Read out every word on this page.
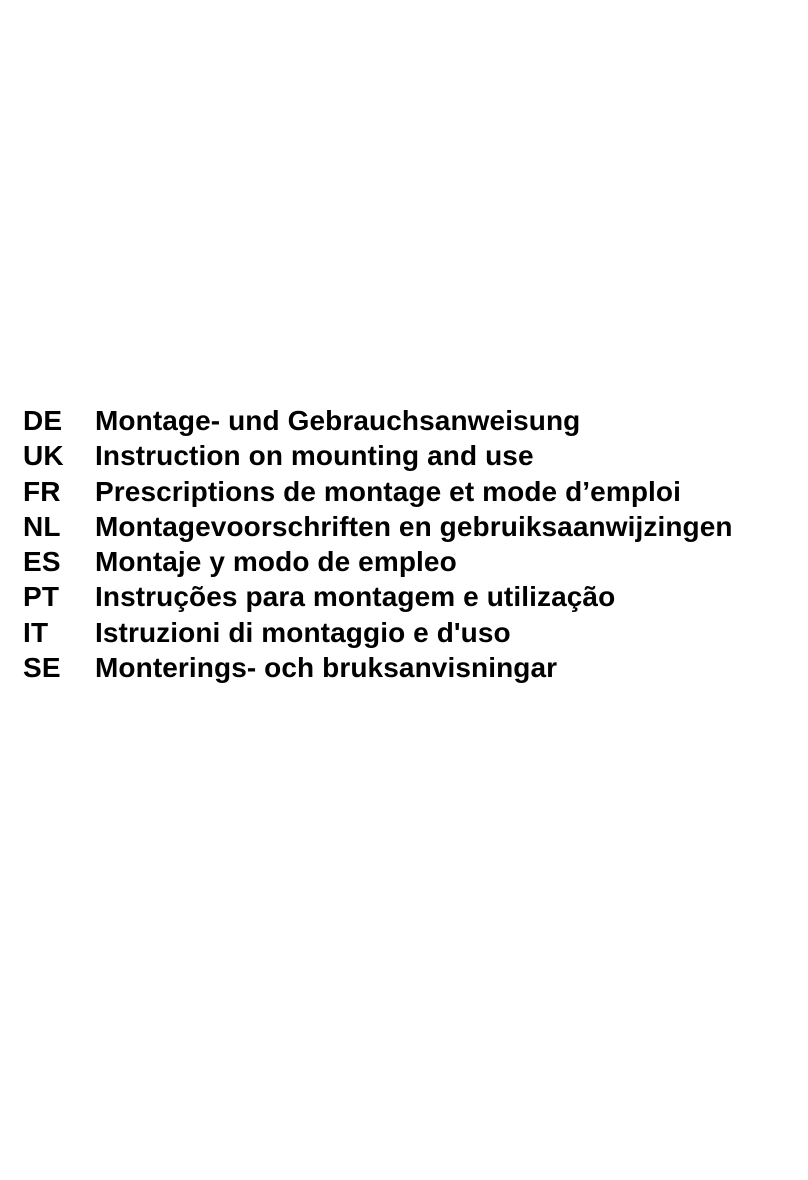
DE	Montage- und Gebrauchsanweisung
UK	Instruction on mounting and use
FR	Prescriptions de montage et mode d’emploi
NL	Montagevoorschriften en gebruiksaanwijzingen
ES	Montaje y modo de empleo
PT	Instruções para montagem e utilização
IT	Istruzioni di montaggio e d'uso
SE	Monterings- och bruksanvisningar
